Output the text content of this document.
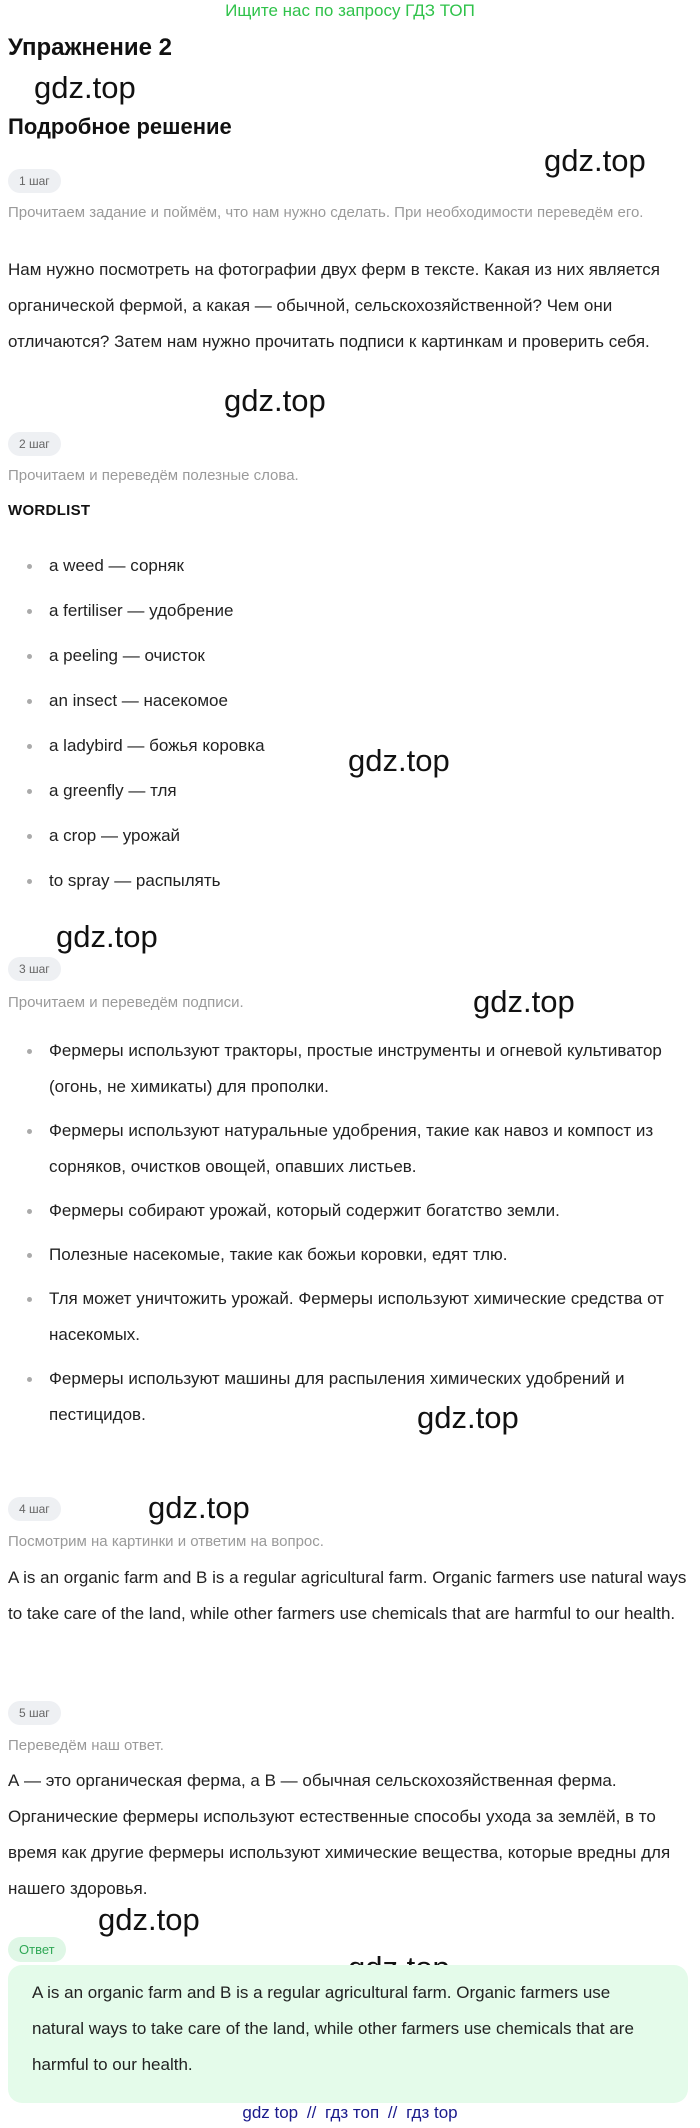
Ищите нас по запросу ГДЗ ТОП
Упражнение 2
gdz.top
Подробное решение
gdz.top
1 шаг
Прочитаем задание и поймём, что нам нужно сделать. При необходимости переведём его.
Нам нужно посмотреть на фотографии двух ферм в тексте. Какая из них является органической фермой, а какая — обычной, сельскохозяйственной? Чем они отличаются? Затем нам нужно прочитать подписи к картинкам и проверить себя.
gdz.top
2 шаг
Прочитаем и переведём полезные слова.
WORDLIST
a weed — сорняк
a fertiliser — удобрение
a peeling — очисток
an insect — насекомое
a ladybird — божья коровка
a greenfly — тля
a crop — урожай
to spray — распылять
gdz.top
gdz.top
3 шаг
gdz.top
Прочитаем и переведём подписи.
Фермеры используют тракторы, простые инструменты и огневой культиватор (огонь, не химикаты) для прополки.
Фермеры используют натуральные удобрения, такие как навоз и компост из сорняков, очистков овощей, опавших листьев.
Фермеры собирают урожай, который содержит богатство земли.
Полезные насекомые, такие как божьи коровки, едят тлю.
Тля может уничтожить урожай. Фермеры используют химические средства от насекомых.
Фермеры используют машины для распыления химических удобрений и пестицидов.	gdz.top
4 шаг	gdz.top
Посмотрим на картинки и ответим на вопрос.
A is an organic farm and B is a regular agricultural farm. Organic farmers use natural ways to take care of the land, while other farmers use chemicals that are harmful to our health.
5 шаг
Переведём наш ответ.
А — это органическая ферма, а В — обычная сельскохозяйственная ферма. Органические фермеры используют естественные способы ухода за землёй, в то время как другие фермеры используют химические вещества, которые вредны для нашего здоровья.
gdz.top
Ответ
A is an organic farm and B is a regular agricultural farm. Organic farmers use natural ways to take care of the land, while other farmers use chemicals that are harmful to our health.
gdz top // гдз топ // гдз top
